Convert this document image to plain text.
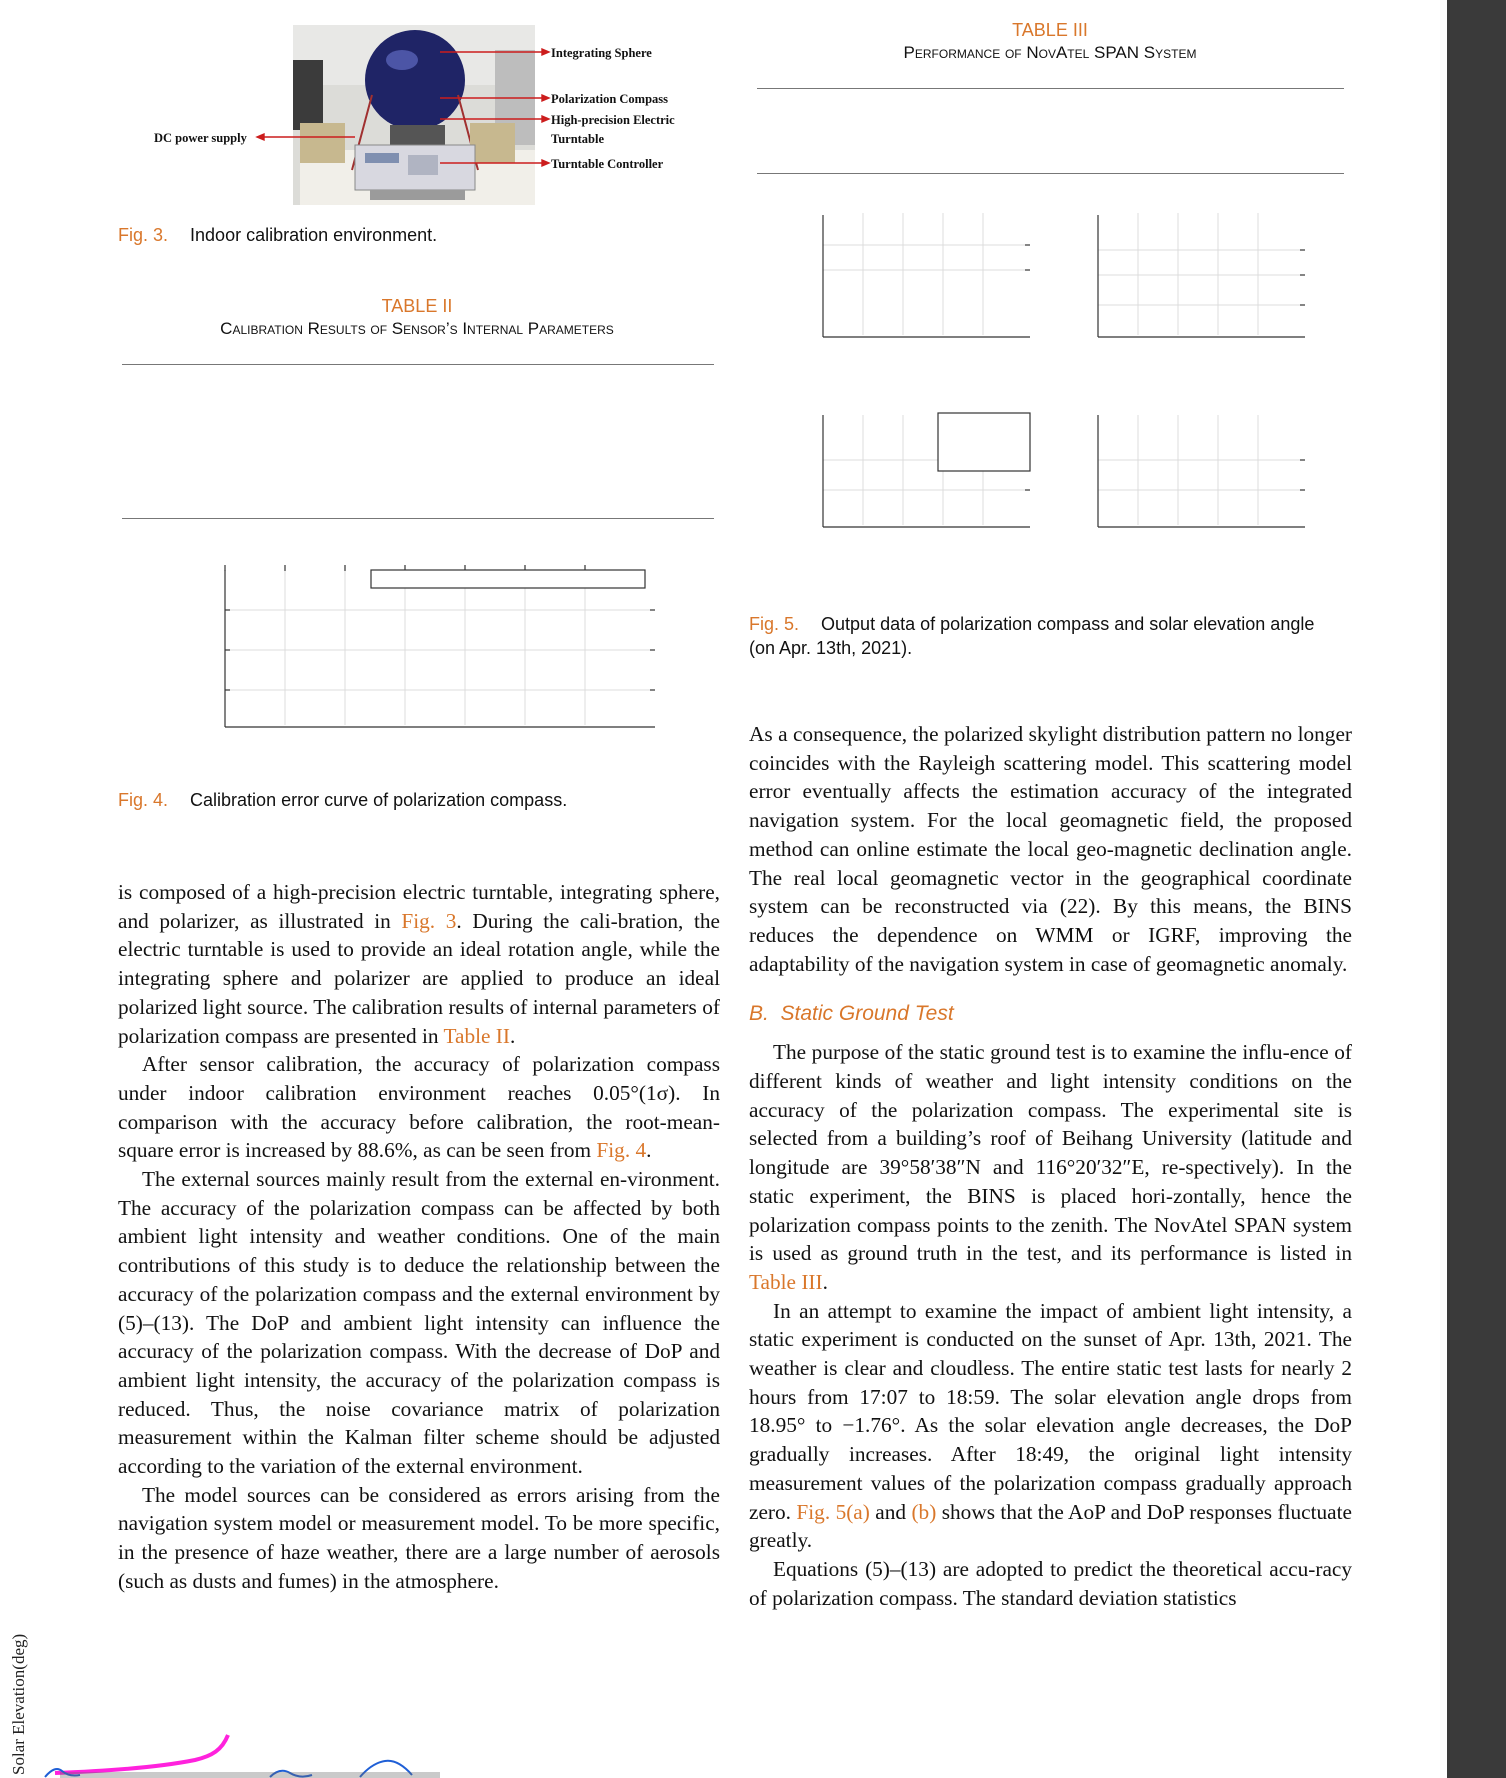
DC power supply
Integrating Sphere
Polarization Compass
High-precision Electric
Turntable
Turntable Controller
Fig. 3. Indoor calibration environment.
TABLE II
Calibration Results of Sensor’s Internal Parameters
Fig. 4. Calibration error curve of polarization compass.
TABLE III
Performance of NovAtel SPAN System
Fig. 5. Output data of polarization compass and solar elevation angle
(on Apr. 13th, 2021).

is composed of a high-precision electric turntable, integrating sphere, and polarizer, as illustrated in Fig. 3. During the cali-bration, the electric turntable is used to provide an ideal rotation angle, while the integrating sphere and polarizer are applied to produce an ideal polarized light source. The calibration results of internal parameters of polarization compass are presented in Table II.

After sensor calibration, the accuracy of polarization compass under indoor calibration environment reaches 0.05°(1σ). In comparison with the accuracy before calibration, the root-mean-square error is increased by 88.6%, as can be seen from Fig. 4.

The external sources mainly result from the external en-vironment. The accuracy of the polarization compass can be affected by both ambient light intensity and weather conditions. One of the main contributions of this study is to deduce the relationship between the accuracy of the polarization compass and the external environment by (5)–(13). The DoP and ambient light intensity can influence the accuracy of the polarization compass. With the decrease of DoP and ambient light intensity, the accuracy of the polarization compass is reduced. Thus, the noise covariance matrix of polarization measurement within the Kalman filter scheme should be adjusted according to the variation of the external environment.

The model sources can be considered as errors arising from the navigation system model or measurement model. To be more specific, in the presence of haze weather, there are a large number of aerosols (such as dusts and fumes) in the atmosphere.

As a consequence, the polarized skylight distribution pattern no longer coincides with the Rayleigh scattering model. This scattering model error eventually affects the estimation accuracy of the integrated navigation system. For the local geomagnetic field, the proposed method can online estimate the local geo-magnetic declination angle. The real local geomagnetic vector in the geographical coordinate system can be reconstructed via (22). By this means, the BINS reduces the dependence on WMM or IGRF, improving the adaptability of the navigation system in case of geomagnetic anomaly.

B.  Static Ground Test

The purpose of the static ground test is to examine the influ-ence of different kinds of weather and light intensity conditions on the accuracy of the polarization compass. The experimental site is selected from a building’s roof of Beihang University (latitude and longitude are 39°58′38″N and 116°20′32″E, re-spectively). In the static experiment, the BINS is placed hori-zontally, hence the polarization compass points to the zenith. The NovAtel SPAN system is used as ground truth in the test, and its performance is listed in Table III.

In an attempt to examine the impact of ambient light intensity, a static experiment is conducted on the sunset of Apr. 13th, 2021. The weather is clear and cloudless. The entire static test lasts for nearly 2 hours from 17:07 to 18:59. The solar elevation angle drops from 18.95° to −1.76°. As the solar elevation angle decreases, the DoP gradually increases. After 18:49, the original light intensity measurement values of the polarization compass gradually approach zero. Fig. 5(a) and (b) shows that the AoP and DoP responses fluctuate greatly.

Equations (5)–(13) are adopted to predict the theoretical accu-racy of polarization compass. The standard deviation statistics

Solar Elevation(deg)
